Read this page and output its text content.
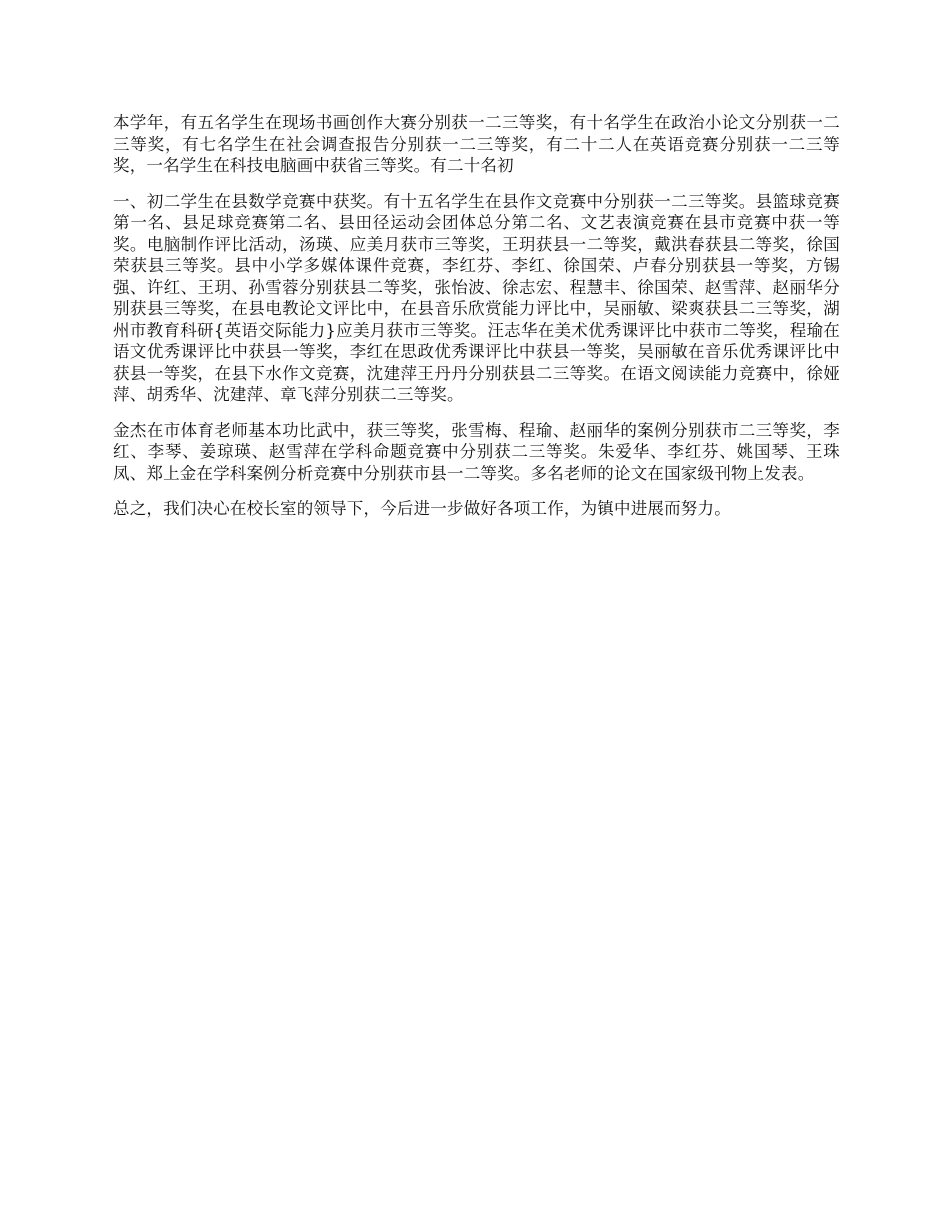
本学年，有五名学生在现场书画创作大赛分别获一二三等奖，有十名学生在政治小论文分别获一二三等奖，有七名学生在社会调查报告分别获一二三等奖，有二十二人在英语竞赛分别获一二三等奖，一名学生在科技电脑画中获省三等奖。有二十名初

一、初二学生在县数学竞赛中获奖。有十五名学生在县作文竞赛中分别获一二三等奖。县篮球竞赛第一名、县足球竞赛第二名、县田径运动会团体总分第二名、文艺表演竞赛在县市竞赛中获一等奖。电脑制作评比活动，汤瑛、应美月获市三等奖，王玥获县一二等奖，戴洪春获县二等奖，徐国荣获县三等奖。县中小学多媒体课件竞赛，李红芬、李红、徐国荣、卢春分别获县一等奖，方锡强、许红、王玥、孙雪蓉分别获县二等奖，张怡波、徐志宏、程慧丰、徐国荣、赵雪萍、赵丽华分别获县三等奖，在县电教论文评比中，在县音乐欣赏能力评比中，吴丽敏、梁爽获县二三等奖，湖州市教育科研{英语交际能力}应美月获市三等奖。汪志华在美术优秀课评比中获市二等奖，程瑜在语文优秀课评比中获县一等奖，李红在思政优秀课评比中获县一等奖，吴丽敏在音乐优秀课评比中获县一等奖，在县下水作文竞赛，沈建萍王丹丹分别获县二三等奖。在语文阅读能力竞赛中，徐娅萍、胡秀华、沈建萍、章飞萍分别获二三等奖。

金杰在市体育老师基本功比武中，获三等奖，张雪梅、程瑜、赵丽华的案例分别获市二三等奖，李红、李琴、姜琼瑛、赵雪萍在学科命题竞赛中分别获二三等奖。朱爱华、李红芬、姚国琴、王珠凤、郑上金在学科案例分析竞赛中分别获市县一二等奖。多名老师的论文在国家级刊物上发表。

总之，我们决心在校长室的领导下，今后进一步做好各项工作，为镇中进展而努力。
